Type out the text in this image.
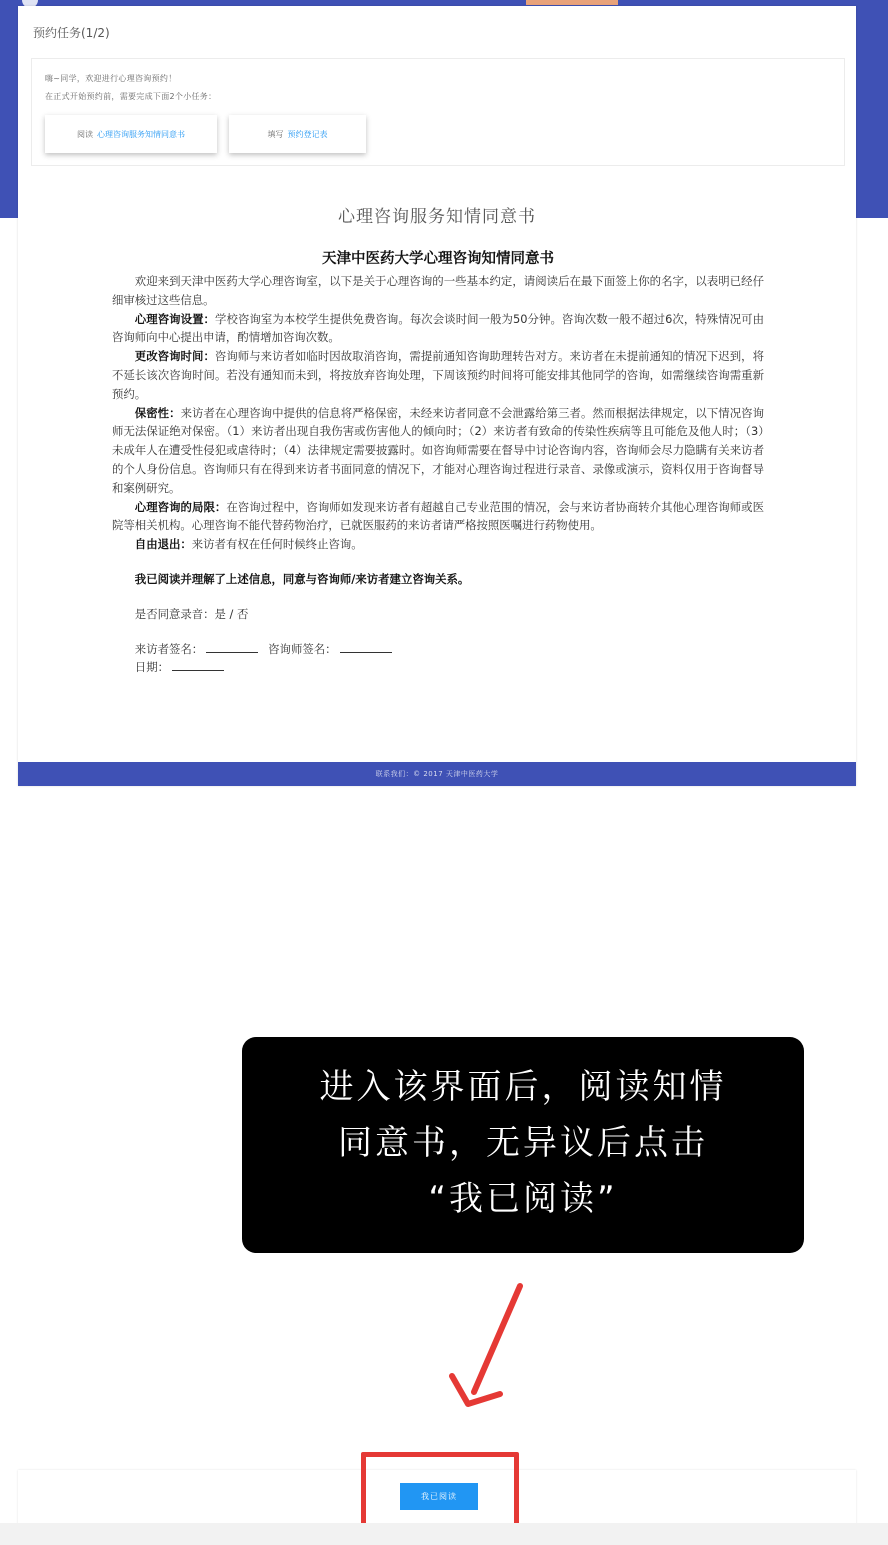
预约任务(1/2)
嗨~同学，欢迎进行心理咨询预约！
在正式开始预约前，需要完成下面2个小任务：
阅读 心理咨询服务知情同意书	填写 预约登记表
心理咨询服务知情同意书
天津中医药大学心理咨询知情同意书

欢迎来到天津中医药大学心理咨询室，以下是关于心理咨询的一些基本约定，请阅读后在最下面签上你的名字，以表明已经仔细审核过这些信息。

心理咨询设置：学校咨询室为本校学生提供免费咨询。每次会谈时间一般为50分钟。咨询次数一般不超过6次，特殊情况可由咨询师向中心提出申请，酌情增加咨询次数。

更改咨询时间：咨询师与来访者如临时因故取消咨询，需提前通知咨询助理转告对方。来访者在未提前通知的情况下迟到，将不延长该次咨询时间。若没有通知而未到，将按放弃咨询处理，下周该预约时间将可能安排其他同学的咨询，如需继续咨询需重新预约。

保密性：来访者在心理咨询中提供的信息将严格保密，未经来访者同意不会泄露给第三者。然而根据法律规定，以下情况咨询师无法保证绝对保密。（1）来访者出现自我伤害或伤害他人的倾向时；（2）来访者有致命的传染性疾病等且可能危及他人时；（3）未成年人在遭受性侵犯或虐待时；（4）法律规定需要披露时。如咨询师需要在督导中讨论咨询内容，咨询师会尽力隐瞒有关来访者的个人身份信息。咨询师只有在得到来访者书面同意的情况下，才能对心理咨询过程进行录音、录像或演示，资料仅用于咨询督导和案例研究。

心理咨询的局限：在咨询过程中，咨询师如发现来访者有超越自己专业范围的情况，会与来访者协商转介其他心理咨询师或医院等相关机构。心理咨询不能代替药物治疗，已就医服药的来访者请严格按照医嘱进行药物使用。

自由退出：来访者有权在任何时候终止咨询。

我已阅读并理解了上述信息，同意与咨询师/来访者建立咨询关系。

是否同意录音：是 / 否

来访者签名：	咨询师签名：

日期：

联系我们：© 2017 天津中医药大学
进入该界面后，阅读知情
同意书，无异议后点击
“我已阅读”
我已阅读
